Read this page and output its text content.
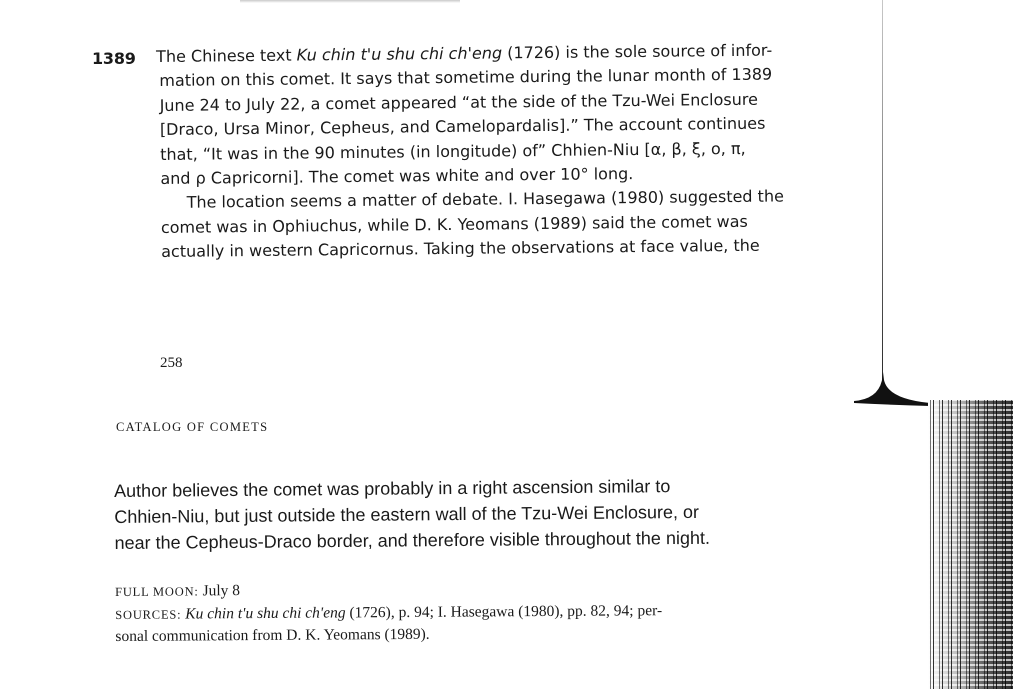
1389 The Chinese text Ku chin t'u shu chi ch'eng (1726) is the sole source of infor-
mation on this comet. It says that sometime during the lunar month of 1389
June 24 to July 22, a comet appeared “at the side of the Tzu-Wei Enclosure
[Draco, Ursa Minor, Cepheus, and Camelopardalis].” The account continues
that, “It was in the 90 minutes (in longitude) of” Chhien-Niu [α, β, ξ, o, π,
and ρ Capricorni]. The comet was white and over 10° long.
The location seems a matter of debate. I. Hasegawa (1980) suggested the
comet was in Ophiuchus, while D. K. Yeomans (1989) said the comet was
actually in western Capricornus. Taking the observations at face value, the
258
CATALOG OF COMETS
Author believes the comet was probably in a right ascension similar to
Chhien-Niu, but just outside the eastern wall of the Tzu-Wei Enclosure, or
near the Cepheus-Draco border, and therefore visible throughout the night.
FULL MOON: July 8
SOURCES: Ku chin t'u shu chi ch'eng (1726), p. 94; I. Hasegawa (1980), pp. 82, 94; per-
sonal communication from D. K. Yeomans (1989).
